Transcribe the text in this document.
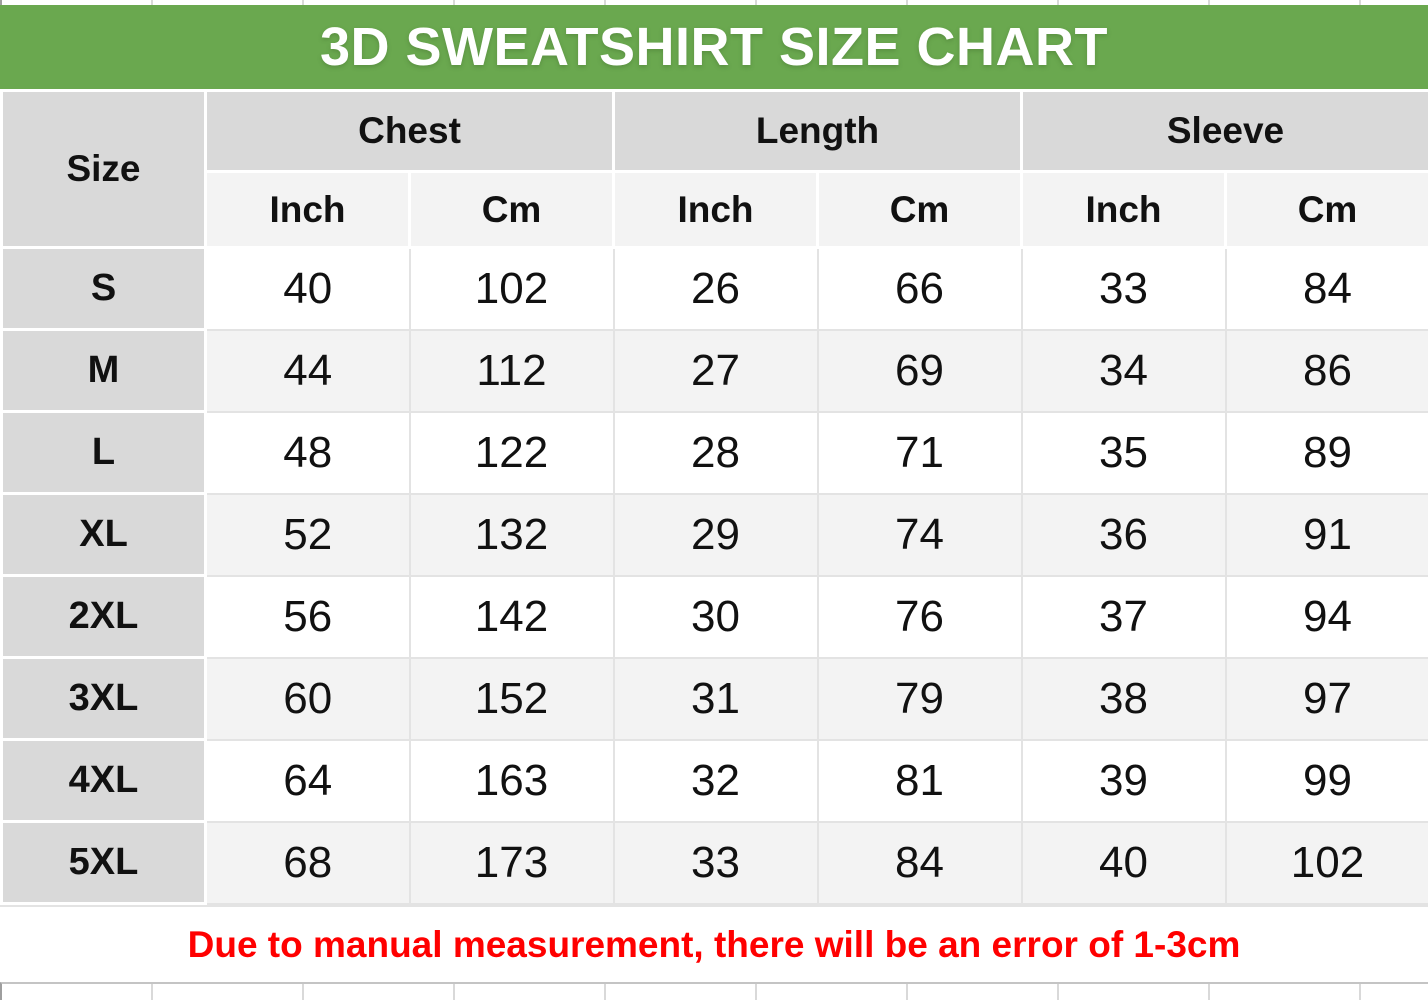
3D SWEATSHIRT SIZE CHART
Size	Chest		Length		Sleeve	
	Inch	Cm	Inch	Cm	Inch	Cm
S	40	102	26	66	33	84
M	44	112	27	69	34	86
L	48	122	28	71	35	89
XL	52	132	29	74	36	91
2XL	56	142	30	76	37	94
3XL	60	152	31	79	38	97
4XL	64	163	32	81	39	99
5XL	68	173	33	84	40	102
Due to manual measurement, there will be an error of 1-3cm
